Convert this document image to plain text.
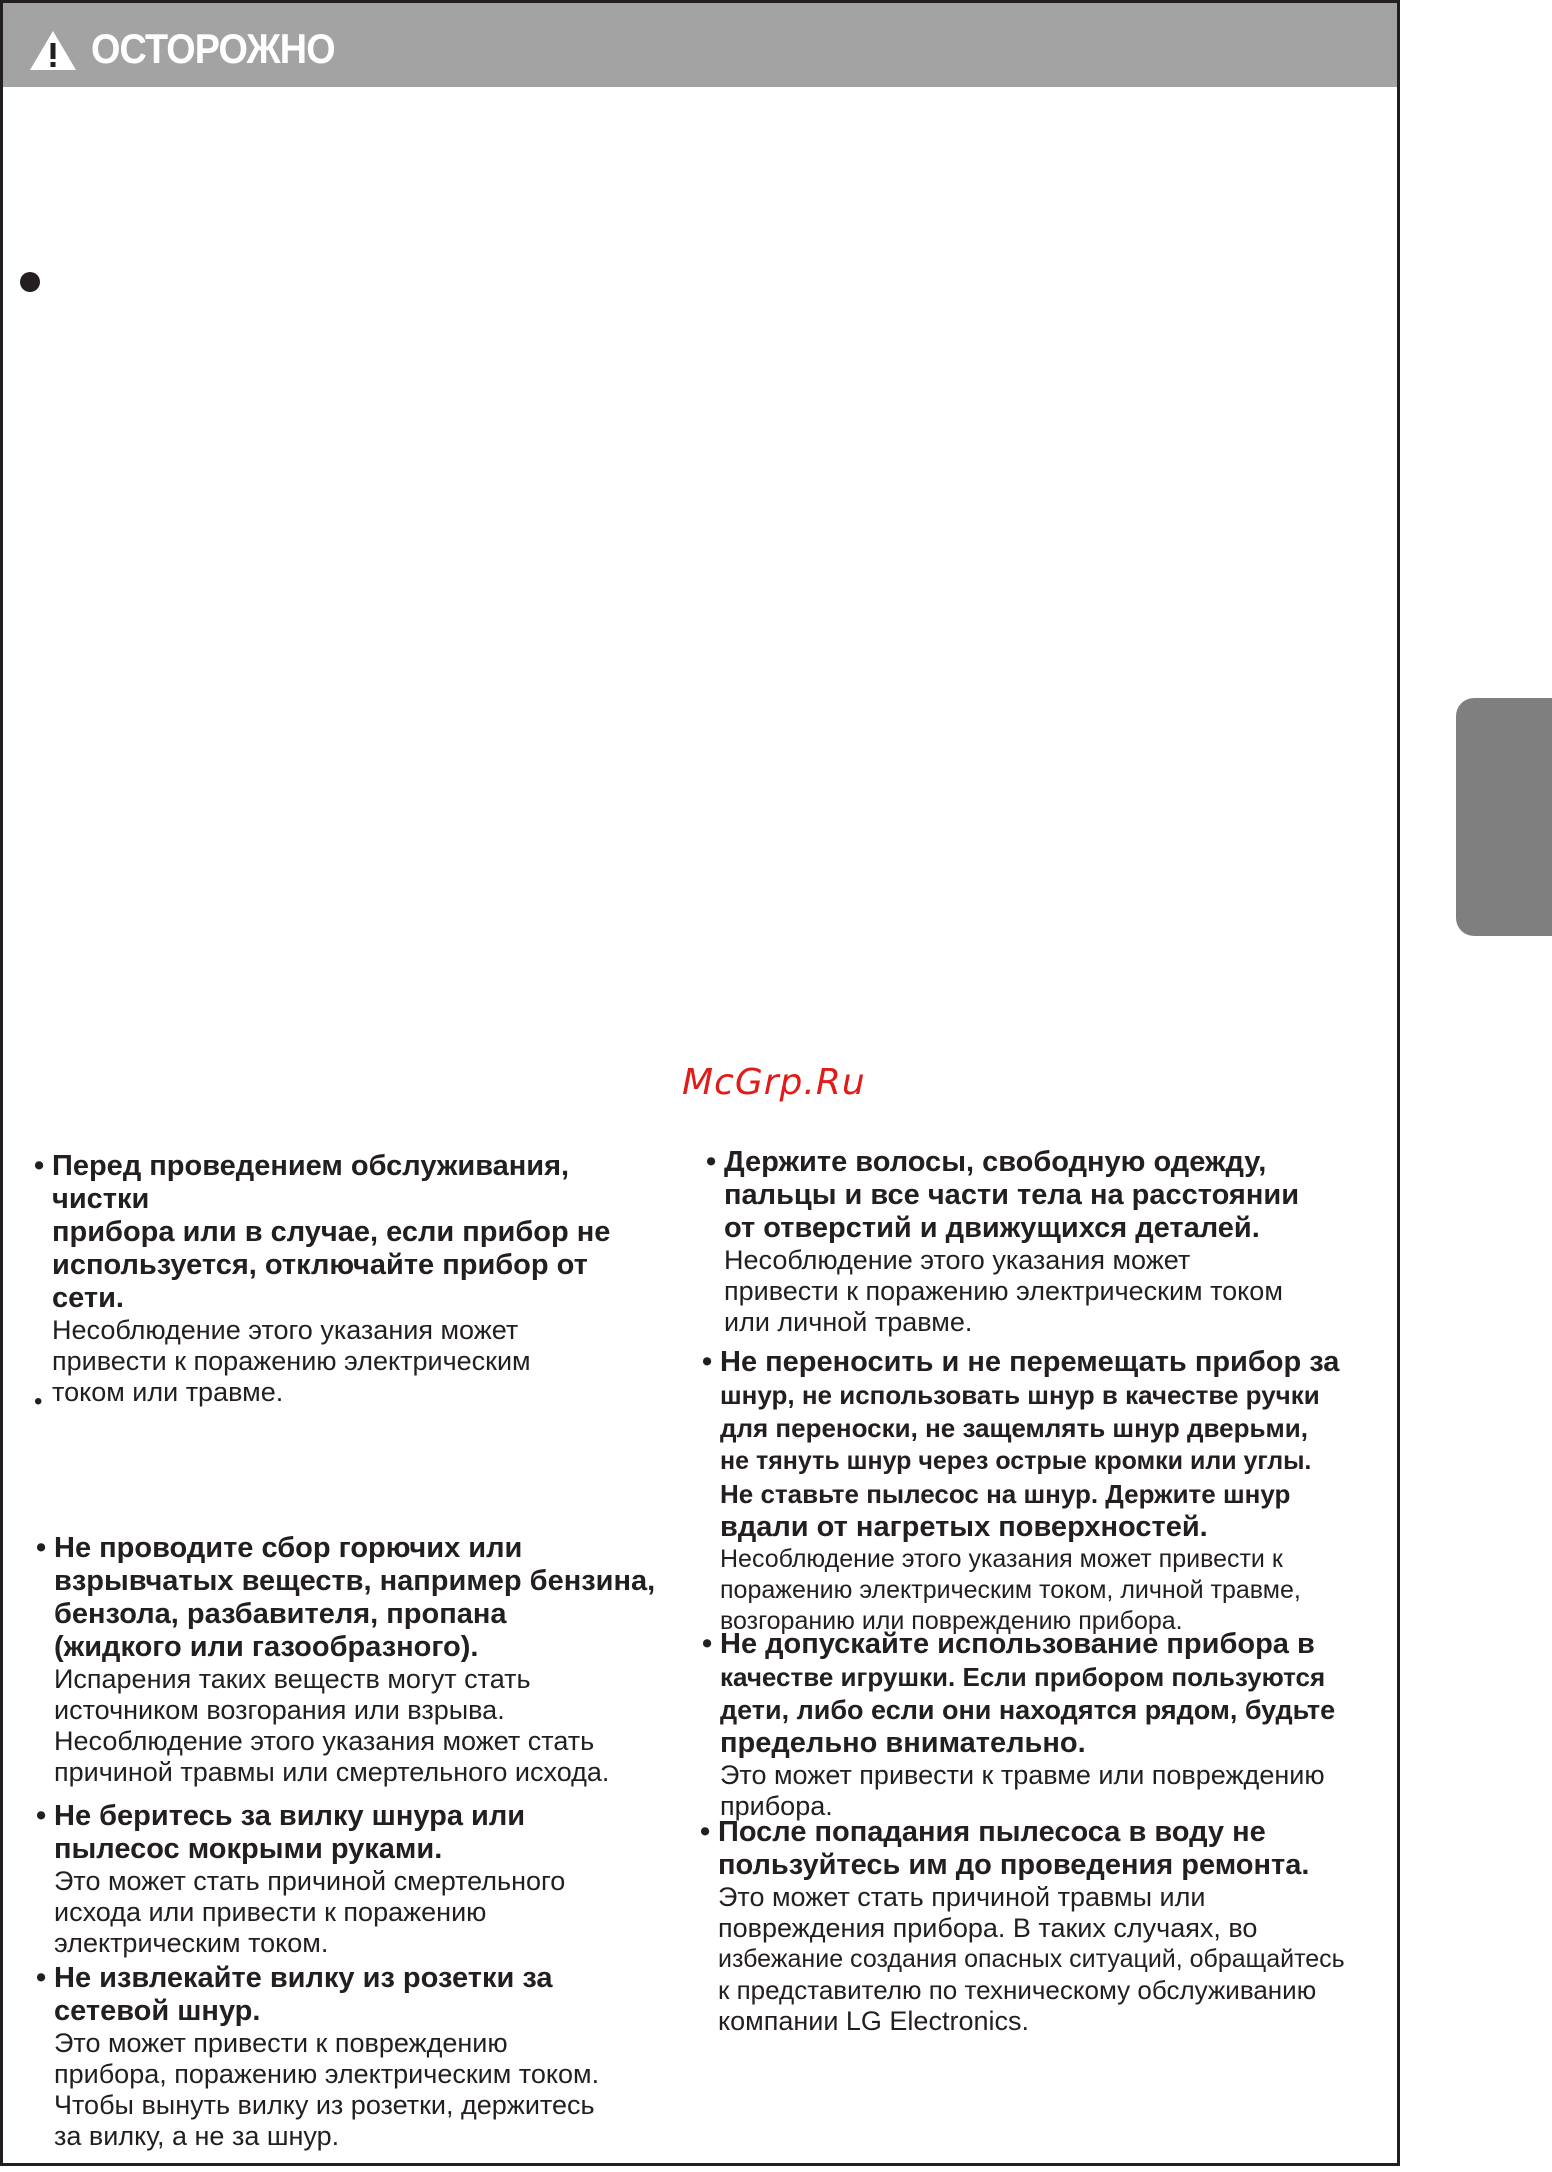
ОСТОРОЖНО
•
McGrp.Ru
• Перед проведением обслуживания, чистки
прибора или в случае, если прибор не
используется, отключайте прибор от
сети.
Несоблюдение этого указания может
привести к поражению электрическим
током или травме.
• Не проводите сбор горючих или
взрывчатых веществ, например бензина,
бензола, разбавителя, пропана
(жидкого или газообразного).
Испарения таких веществ могут стать
источником возгорания или взрыва.
Несоблюдение этого указания может стать
причиной травмы или смертельного исхода.
• Не беритесь за вилку шнура или
пылесос мокрыми руками.
Это может стать причиной смертельного
исхода или привести к поражению
электрическим током.
• Не извлекайте вилку из розетки за
сетевой шнур.
Это может привести к повреждению
прибора, поражению электрическим током.
Чтобы вынуть вилку из розетки, держитесь
за вилку, а не за шнур.
• Держите волосы, свободную одежду,
пальцы и все части тела на расстоянии
от отверстий и движущихся деталей.
Несоблюдение этого указания может
привести к поражению электрическим током
или личной травме.
• Не переносить и не перемещать прибор за
шнур, не использовать шнур в качестве ручки
для переноски, не защемлять шнур дверьми,
не тянуть шнур через острые кромки или углы.
Не ставьте пылесос на шнур. Держите шнур
вдали от нагретых поверхностей.
Несоблюдение этого указания может привести к
поражению электрическим током, личной травме,
возгоранию или повреждению прибора.
• Не допускайте использование прибора в
качестве игрушки. Если прибором пользуются
дети, либо если они находятся рядом, будьте
предельно внимательно.
Это может привести к травме или повреждению
прибора.
• После попадания пылесоса в воду не
пользуйтесь им до проведения ремонта.
Это может стать причиной травмы или
повреждения прибора. В таких случаях, во
избежание создания опасных ситуаций, обращайтесь
к представителю по техническому обслуживанию
компании LG Electronics.
